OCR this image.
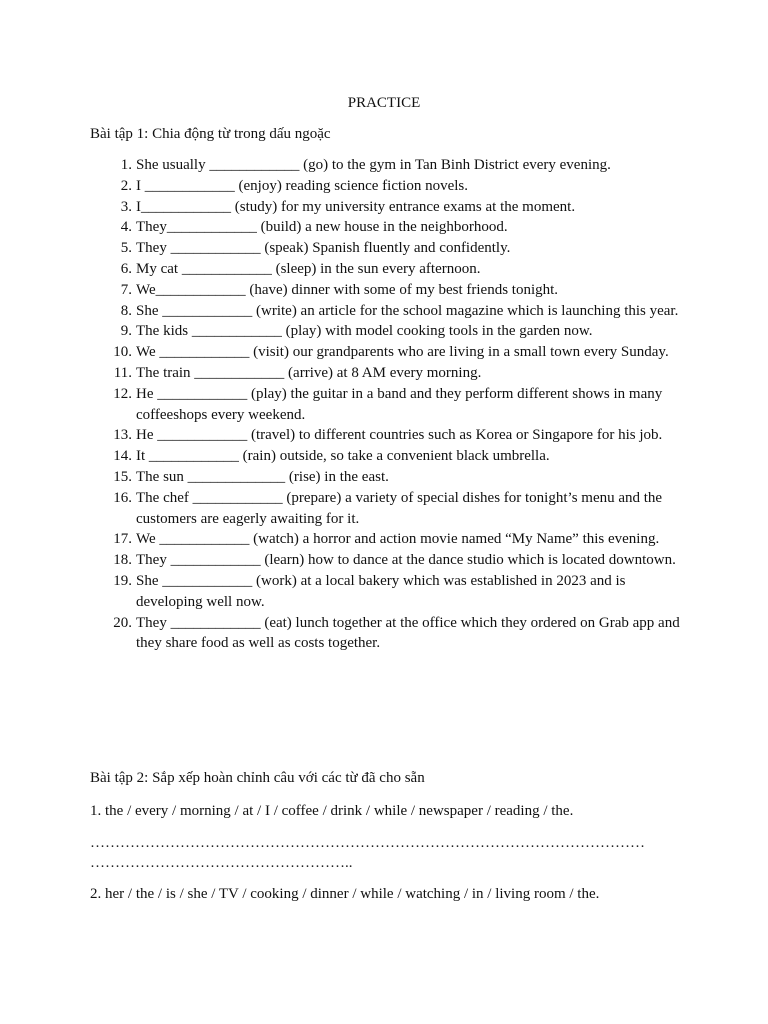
PRACTICE
Bài tập 1: Chia động từ trong dấu ngoặc
1. She usually ____________ (go) to the gym in Tan Binh District every evening.
2. I ____________ (enjoy) reading science fiction novels.
3. I____________ (study) for my university entrance exams at the moment.
4. They____________ (build) a new house in the neighborhood.
5. They ____________ (speak) Spanish fluently and confidently.
6. My cat ____________ (sleep) in the sun every afternoon.
7. We____________ (have) dinner with some of my best friends tonight.
8. She ____________ (write) an article for the school magazine which is launching this year.
9. The kids ____________ (play) with model cooking tools in the garden now.
10. We ____________ (visit) our grandparents who are living in a small town every Sunday.
11. The train ____________ (arrive) at 8 AM every morning.
12. He ____________ (play) the guitar in a band and they perform different shows in many coffeeshops every weekend.
13. He ____________ (travel) to different countries such as Korea or Singapore for his job.
14. It ____________ (rain) outside, so take a convenient black umbrella.
15. The sun _____________ (rise) in the east.
16. The chef ____________ (prepare) a variety of special dishes for tonight’s menu and the customers are eagerly awaiting for it.
17. We ____________ (watch) a horror and action movie named “My Name” this evening.
18. They ____________ (learn) how to dance at the dance studio which is located downtown.
19. She ____________ (work) at a local bakery which was established in 2023 and is developing well now.
20. They ____________ (eat) lunch together at the office which they ordered on Grab app and they share food as well as costs together.
Bài tập 2: Sắp xếp hoàn chỉnh câu với các từ đã cho sẵn
1. the / every / morning / at / I / coffee / drink / while / newspaper / reading / the.
…………………………………………………………………………………………………
……………………………………………..
2. her / the / is / she / TV / cooking / dinner / while / watching / in / living room / the.
